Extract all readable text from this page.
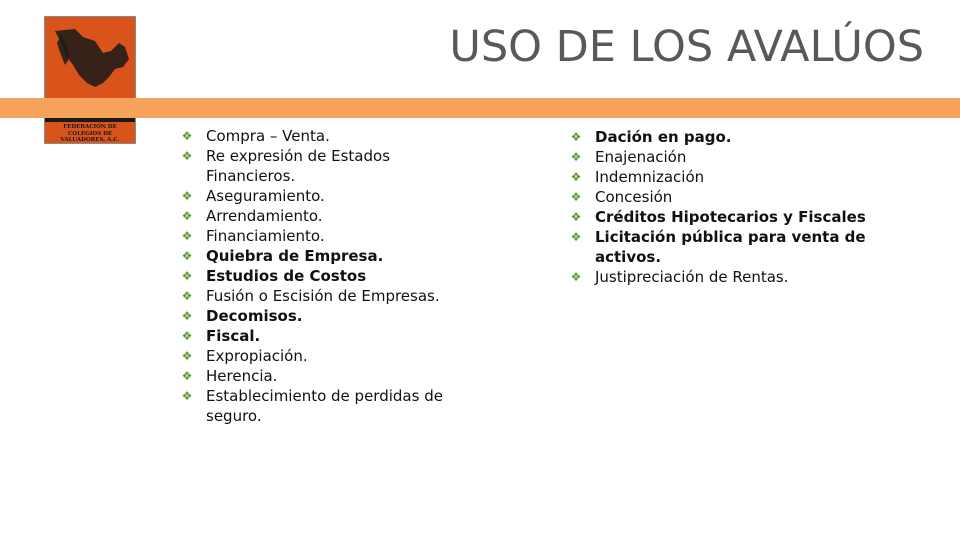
FEDERACIÓN DE COLEGIOS DE VALUADORES, A.C.
USO DE LOS AVALÚOS
❖ Compra – Venta.
❖ Re expresión de Estados Financieros.
❖ Aseguramiento.
❖ Arrendamiento.
❖ Financiamiento.
❖ Quiebra de Empresa.
❖ Estudios de Costos
❖ Fusión o Escisión de Empresas.
❖ Decomisos.
❖ Fiscal.
❖ Expropiación.
❖ Herencia.
❖ Establecimiento de perdidas de seguro.
❖ Dación en pago.
❖ Enajenación
❖ Indemnización
❖ Concesión
❖ Créditos Hipotecarios y Fiscales
❖ Licitación pública para venta de activos.
❖ Justipreciación de Rentas.
